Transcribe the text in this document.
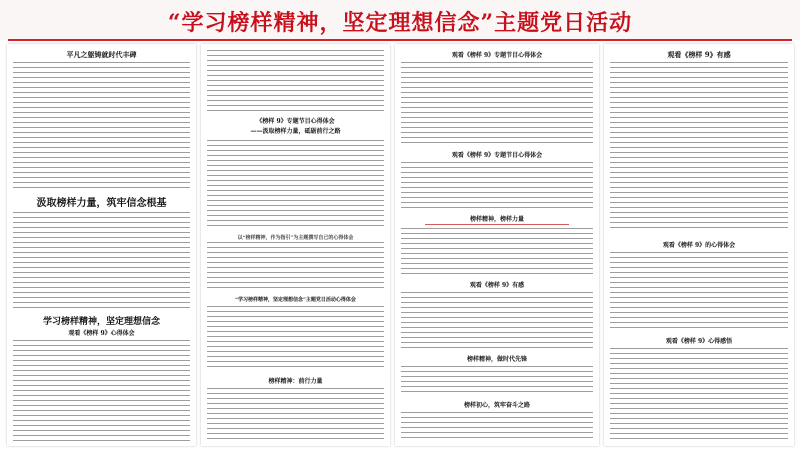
“学习榜样精神，坚定理想信念”主题党日活动
平凡之躯铸就时代丰碑
汲取榜样力量，筑牢信念根基
学习榜样精神，坚定理想信念
观看《榜样 9》心得体会
《榜样 9》专题节目心得体会
——汲取榜样力量，砥砺前行之路
以“榜样精神，作为指引”为主题撰写自己的心得体会
“学习榜样精神，坚定理想信念”主题党日活动心得体会
榜样精神：前行力量
观看《榜样 9》专题节目心得体会
观看《榜样 9》专题节目心得体会
榜样精神，榜样力量
观看《榜样 9》有感
榜样精神，做时代先锋
榜样初心，筑牢奋斗之路
观看《榜样 9》有感
观看《榜样 9》的心得体会
观看《榜样 9》心得感悟
